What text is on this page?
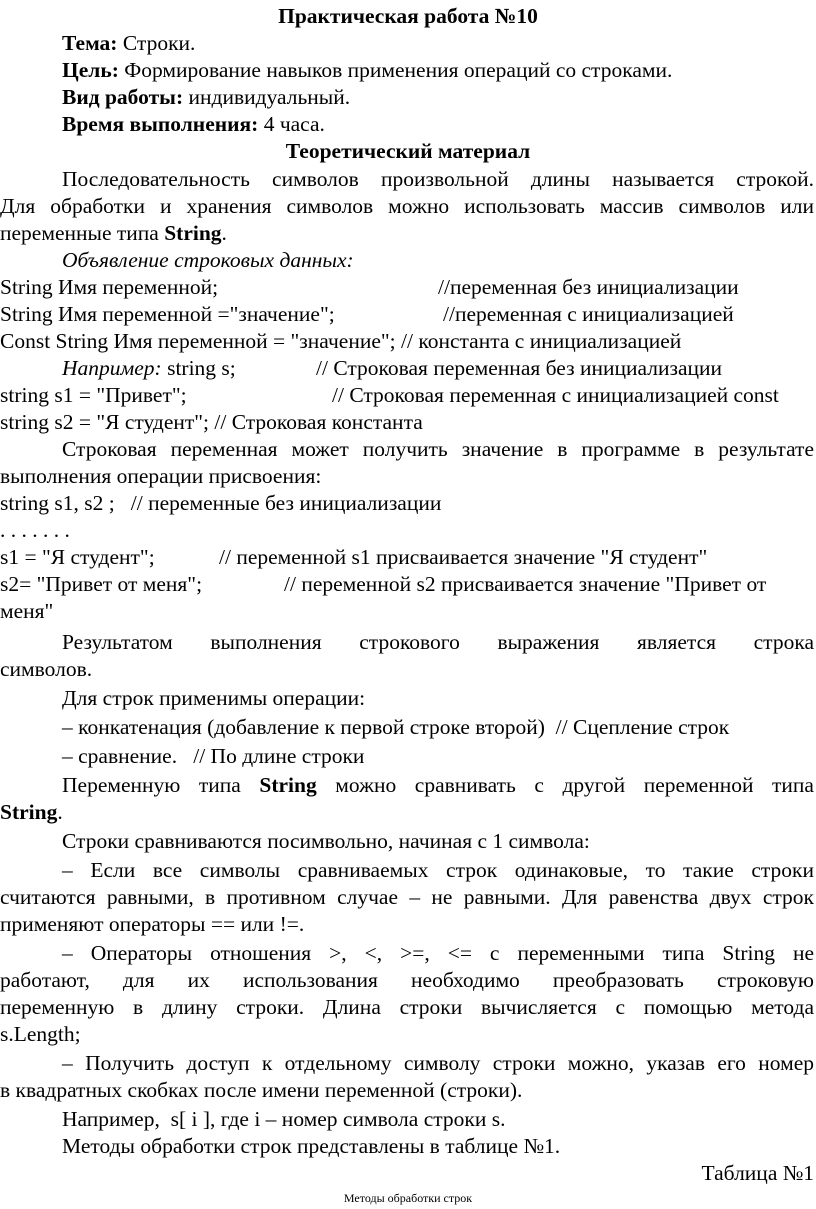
Практическая работа №10
Тема: Строки.
Цель: Формирование навыков применения операций со строками.
Вид работы: индивидуальный.
Время выполнения: 4 часа.
Теоретический материал
Последовательность символов произвольной длины называется строкой.
Для обработки и хранения символов можно использовать массив символов или
переменные типа String.
Объявление строковых данных:
String Имя переменной;	//переменная без инициализации
String Имя переменной ="значение";	//переменная с инициализацией
Const String Имя переменной = "значение"; // константа с инициализацией
Например: string s;	// Строковая переменная без инициализации
string s1 = "Привет";	// Строковая переменная с инициализацией const
string s2 = "Я студент"; // Строковая константа
Строковая переменная может получить значение в программе в результате
выполнения операции присвоения:
string s1, s2 ;   // переменные без инициализации
. . . . . . .
s1 = "Я студент";	// переменной s1 присваивается значение "Я студент"
s2= "Привет от меня";	// переменной s2 присваивается значение "Привет от
меня"
Результатом выполнения строкового выражения является строка
символов.
Для строк применимы операции:
– конкатенация (добавление к первой строке второй)  // Сцепление строк
– сравнение.   // По длине строки
Переменную типа String можно сравнивать с другой переменной типа
String.
Строки сравниваются посимвольно, начиная с 1 символа:
– Если все символы сравниваемых строк одинаковые, то такие строки
считаются равными, в противном случае – не равными. Для равенства двух строк
применяют операторы == или !=.
– Операторы отношения >, <, >=, <= с переменными типа String не
работают, для их использования необходимо преобразовать строковую
переменную в длину строки. Длина строки вычисляется с помощью метода
s.Length;
– Получить доступ к отдельному символу строки можно, указав его номер
в квадратных скобках после имени переменной (строки).
Например,  s[ i ], где i – номер символа строки s.
Методы обработки строк представлены в таблице №1.
Таблица №1
Методы обработки строк
